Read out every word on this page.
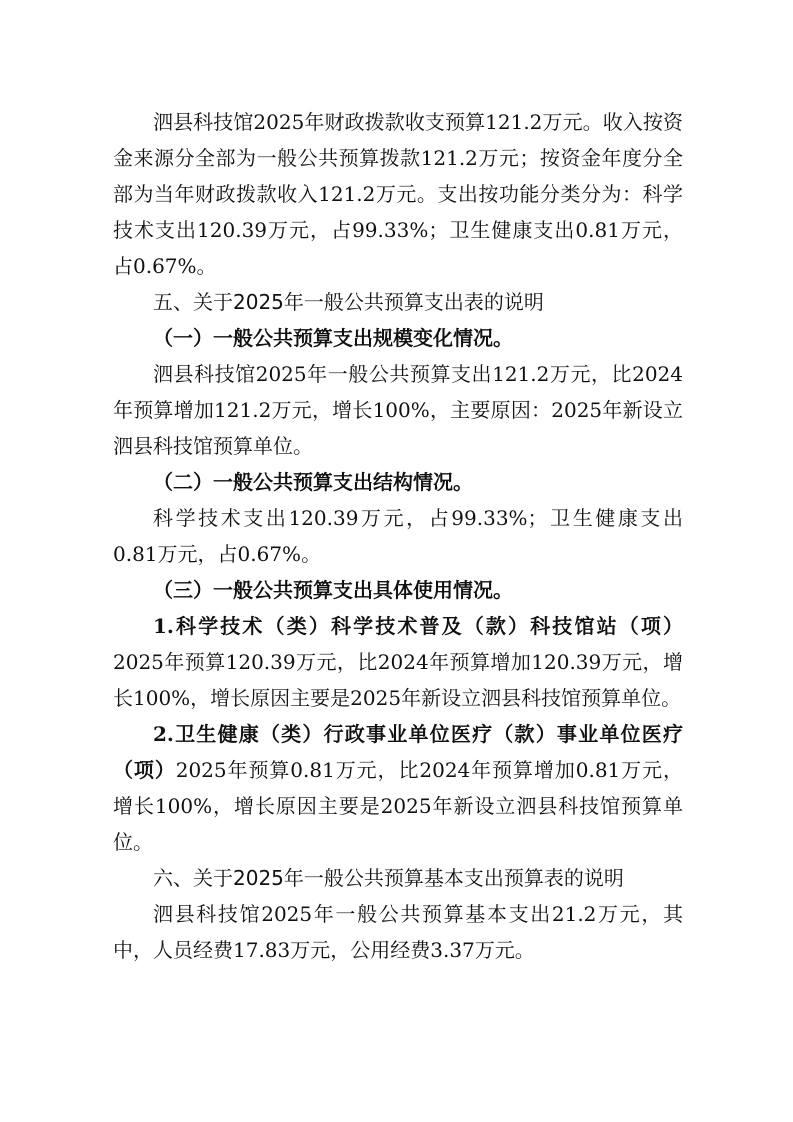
泗县科技馆2025年财政拨款收支预算121.2万元。收入按资金来源分全部为一般公共预算拨款121.2万元；按资金年度分全部为当年财政拨款收入121.2万元。支出按功能分类分为：科学技术支出120.39万元，占99.33%；卫生健康支出0.81万元，占0.67%。

五、关于2025年一般公共预算支出表的说明

（一）一般公共预算支出规模变化情况。

泗县科技馆2025年一般公共预算支出121.2万元，比2024年预算增加121.2万元，增长100%，主要原因：2025年新设立泗县科技馆预算单位。

（二）一般公共预算支出结构情况。

科学技术支出120.39万元，占99.33%；卫生健康支出0.81万元，占0.67%。

（三）一般公共预算支出具体使用情况。

1.科学技术（类）科学技术普及（款）科技馆站（项）2025年预算120.39万元，比2024年预算增加120.39万元，增长100%，增长原因主要是2025年新设立泗县科技馆预算单位。

2.卫生健康（类）行政事业单位医疗（款）事业单位医疗（项）2025年预算0.81万元，比2024年预算增加0.81万元，增长100%，增长原因主要是2025年新设立泗县科技馆预算单位。

六、关于2025年一般公共预算基本支出预算表的说明

泗县科技馆2025年一般公共预算基本支出21.2万元，其中，人员经费17.83万元，公用经费3.37万元。
